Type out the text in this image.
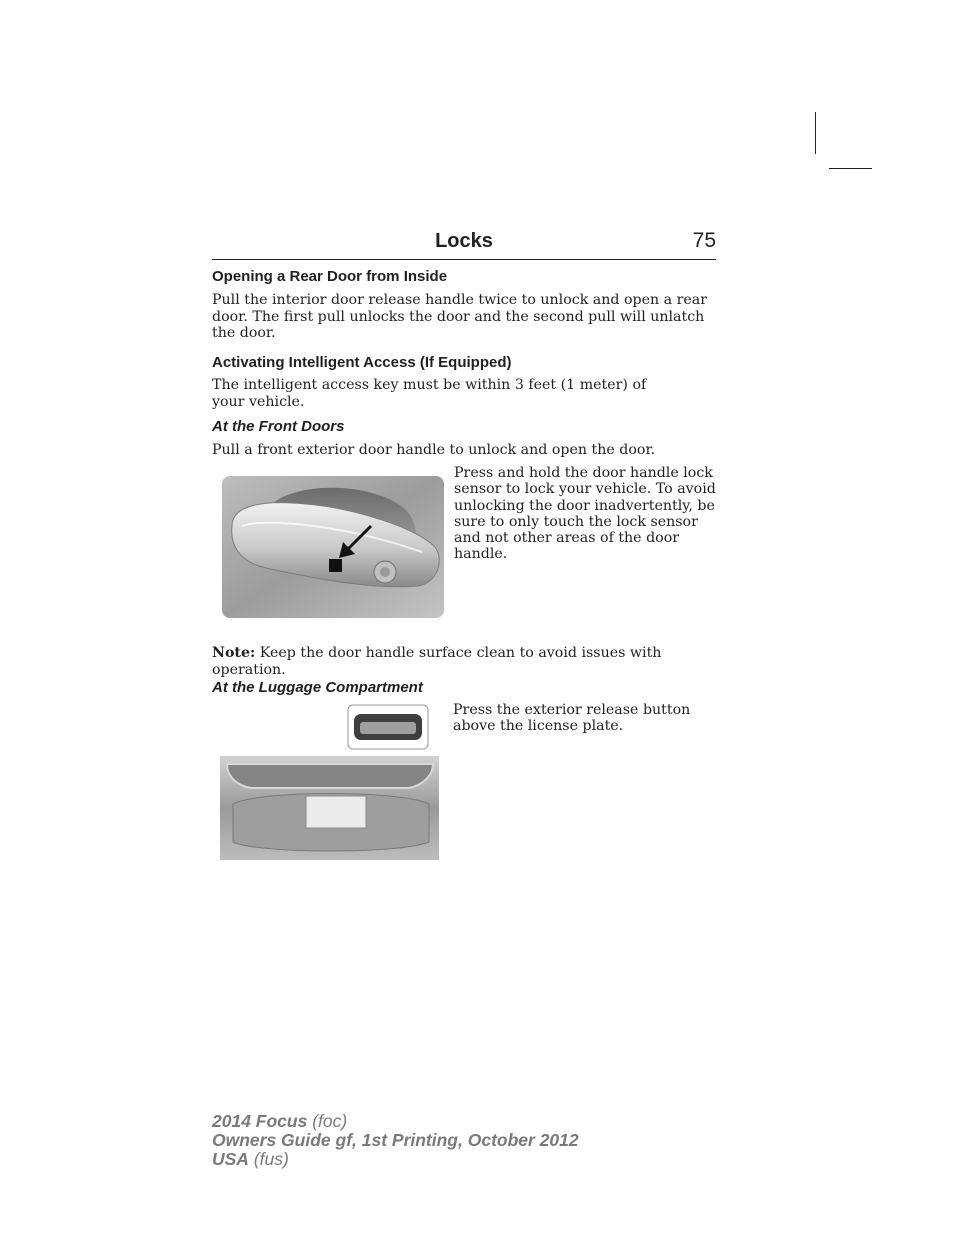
Locks	75
Opening a Rear Door from Inside

Pull the interior door release handle twice to unlock and open a rear door. The first pull unlocks the door and the second pull will unlatch the door.

Activating Intelligent Access (If Equipped)

The intelligent access key must be within 3 feet (1 meter) of your vehicle.

At the Front Doors

Pull a front exterior door handle to unlock and open the door.

Press and hold the door handle lock sensor to lock your vehicle. To avoid unlocking the door inadvertently, be sure to only touch the lock sensor and not other areas of the door handle.

Note: Keep the door handle surface clean to avoid issues with operation.

At the Luggage Compartment

Press the exterior release button above the license plate.

2014 Focus (foc)
Owners Guide gf, 1st Printing, October 2012
USA (fus)
